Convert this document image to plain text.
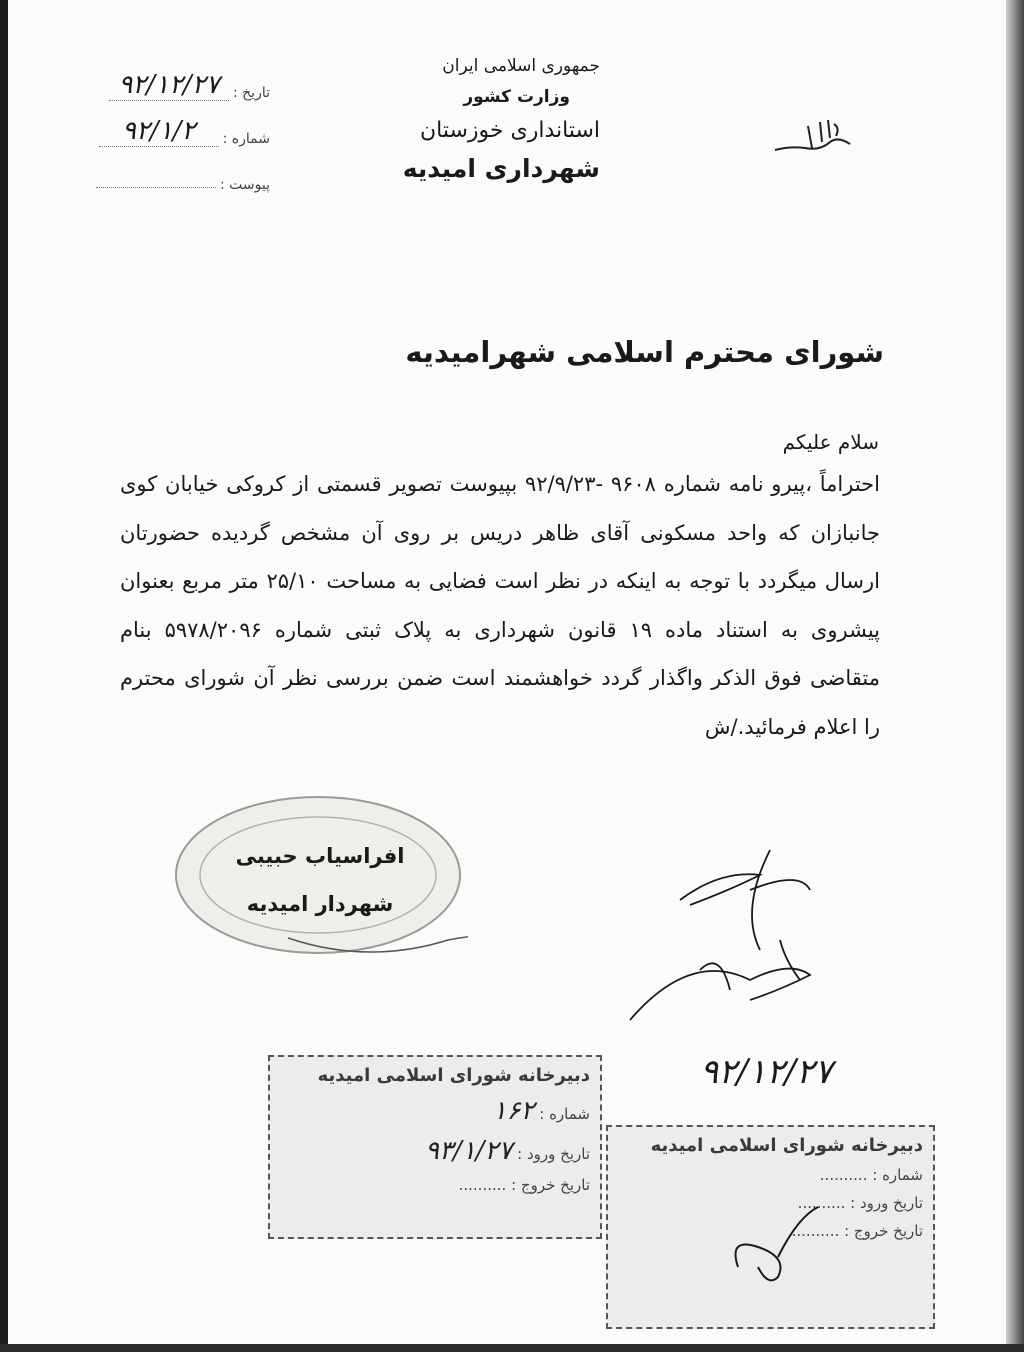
جمهوری اسلامی ایران
وزارت کشور
استانداری خوزستان
شهرداری امیدیه
تاریخ :
۹۲/۱۲/۲۷
شماره :
۹۲/۱/۲
پیوست :
شورای محترم اسلامی شهرامیدیه
سلام علیکم
احتراماً ،پیرو نامه شماره ۹۶۰۸ -۹۲/۹/۲۳ بپیوست تصویر قسمتی از کروکی خیابان کوی جانبازان که واحد مسکونی آقای ظاهر دریس بر روی آن مشخص گردیده حضورتان ارسال میگردد با توجه به اینکه در نظر است فضایی به مساحت ۲۵/۱۰ متر مربع بعنوان پیشروی به استناد ماده ۱۹ قانون شهرداری به پلاک ثبتی شماره ۵۹۷۸/۲۰۹۶ بنام متقاضی فوق الذکر واگذار گردد خواهشمند است ضمن بررسی نظر آن شورای محترم را اعلام فرمائید./ش
افراسیاب حبیبی
شهردار امیدیه
۹۲/۱۲/۲۷
دبیرخانه شورای اسلامی امیدیه
شماره : ۱۶۲
تاریخ ورود : ۹۳/۱/۲۷
تاریخ خروج : ..........
دبیرخانه شورای اسلامی امیدیه
شماره : ..........
تاریخ ورود : ..........
تاریخ خروج : ..........
